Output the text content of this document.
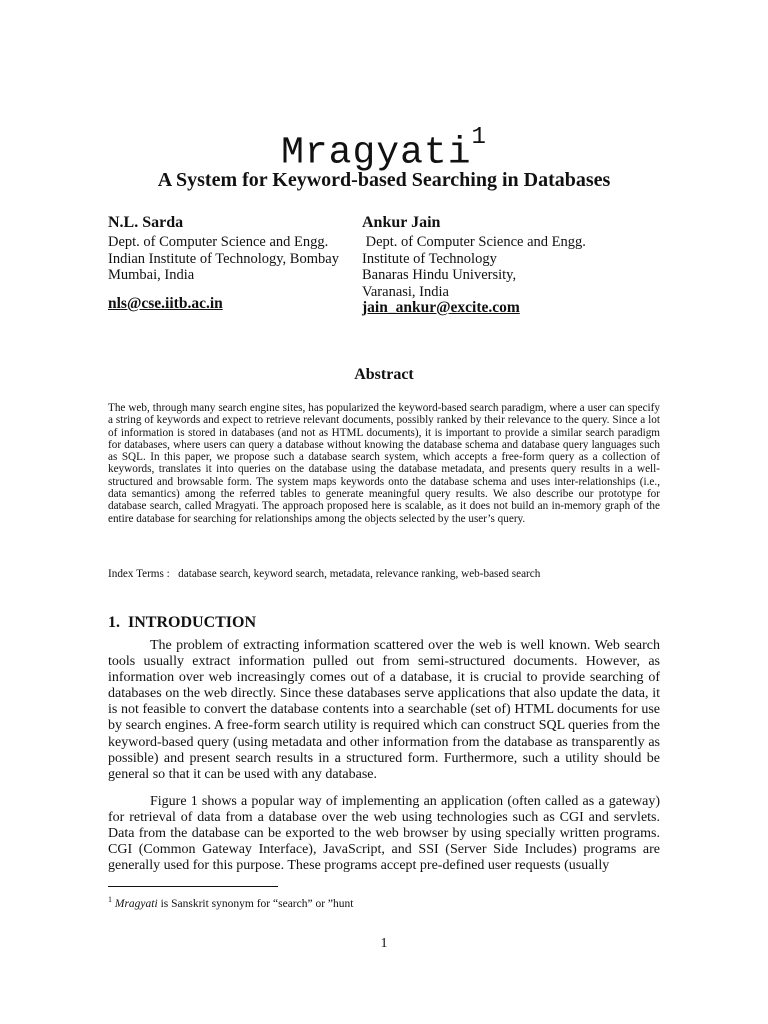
Mragyati$^1$
A System for Keyword-based Searching in Databases
N.L. Sarda
Dept. of Computer Science and Engg.
Indian Institute of Technology, Bombay
Mumbai, India
nls@cse.iitb.ac.in
Ankur Jain
Dept. of Computer Science and Engg.
Institute of Technology
Banaras Hindu University,
Varanasi, India
jain_ankur@excite.com
Abstract
The web, through many search engine sites, has popularized the keyword-based search paradigm, where a user can specify a string of keywords and expect to retrieve relevant documents, possibly ranked by their relevance to the query. Since a lot of information is stored in databases (and not as HTML documents), it is important to provide a similar search paradigm for databases, where users can query a database without knowing the database schema and database query languages such as SQL. In this paper, we propose such a database search system, which accepts a free-form query as a collection of keywords, translates it into queries on the database using the database metadata, and presents query results in a well-structured and browsable form. The system maps keywords onto the database schema and uses inter-relationships (i.e., data semantics) among the referred tables to generate meaningful query results. We also describe our prototype for database search, called Mragyati. The approach proposed here is scalable, as it does not build an in-memory graph of the entire database for searching for relationships among the objects selected by the user’s query.
Index Terms :   database search, keyword search, metadata, relevance ranking, web-based search
1.  INTRODUCTION
The problem of extracting information scattered over the web is well known. Web search tools usually extract information pulled out from semi-structured documents. However, as information over web increasingly comes out of a database, it is crucial to provide searching of databases on the web directly. Since these databases serve applications that also update the data, it is not feasible to convert the database contents into a searchable (set of) HTML documents for use by search engines. A free-form search utility is required which can construct SQL queries from the keyword-based query (using metadata and other information from the database as transparently as possible) and present search results in a structured form. Furthermore, such a utility should be general so that it can be used with any database.
Figure 1 shows a popular way of implementing an application (often called as a gateway) for retrieval of data from a database over the web using technologies such as CGI and servlets. Data from the database can be exported to the web browser by using specially written programs. CGI (Common Gateway Interface), JavaScript, and SSI (Server Side Includes) programs are generally used for this purpose. These programs accept pre-defined user requests (usually
$^1$ Mragyati is Sanskrit synonym for “search” or ”hunt
1
